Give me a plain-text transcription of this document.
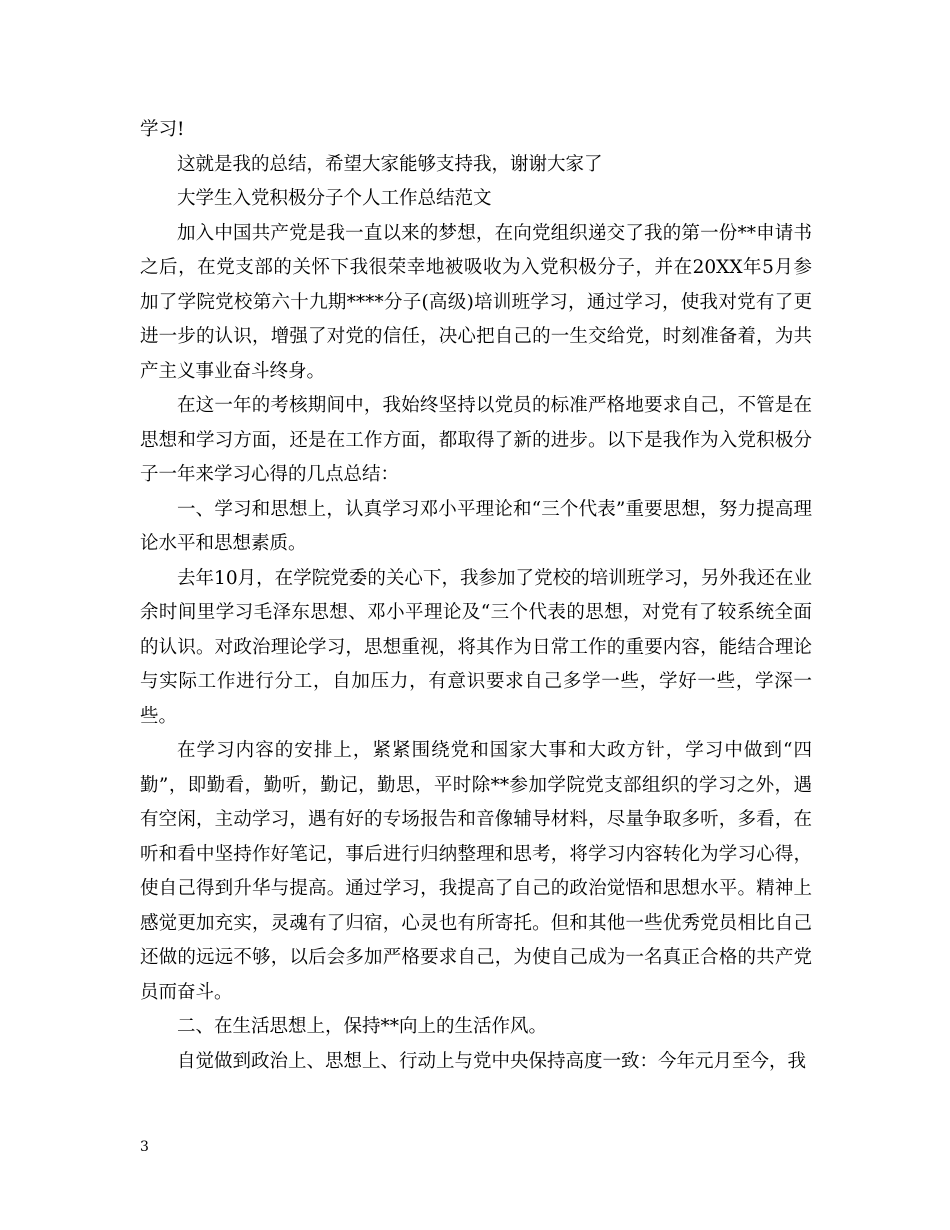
学习!

这就是我的总结，希望大家能够支持我，谢谢大家了

大学生入党积极分子个人工作总结范文

加入中国共产党是我一直以来的梦想，在向党组织递交了我的第一份**申请书之后，在党支部的关怀下我很荣幸地被吸收为入党积极分子，并在20XX年5月参加了学院党校第六十九期****分子(高级)培训班学习，通过学习，使我对党有了更进一步的认识，增强了对党的信任，决心把自己的一生交给党，时刻准备着，为共产主义事业奋斗终身。

在这一年的考核期间中，我始终坚持以党员的标准严格地要求自己，不管是在思想和学习方面，还是在工作方面，都取得了新的进步。以下是我作为入党积极分子一年来学习心得的几点总结：

一、学习和思想上，认真学习邓小平理论和“三个代表”重要思想，努力提高理论水平和思想素质。

去年10月，在学院党委的关心下，我参加了党校的培训班学习，另外我还在业余时间里学习毛泽东思想、邓小平理论及“三个代表的思想，对党有了较系统全面的认识。对政治理论学习，思想重视，将其作为日常工作的重要内容，能结合理论与实际工作进行分工，自加压力，有意识要求自己多学一些，学好一些，学深一些。

在学习内容的安排上，紧紧围绕党和国家大事和大政方针，学习中做到“四勤”，即勤看，勤听，勤记，勤思，平时除**参加学院党支部组织的学习之外，遇有空闲，主动学习，遇有好的专场报告和音像辅导材料，尽量争取多听，多看，在听和看中坚持作好笔记，事后进行归纳整理和思考，将学习内容转化为学习心得，使自己得到升华与提高。通过学习，我提高了自己的政治觉悟和思想水平。精神上感觉更加充实，灵魂有了归宿，心灵也有所寄托。但和其他一些优秀党员相比自己还做的远远不够，以后会多加严格要求自己，为使自己成为一名真正合格的共产党员而奋斗。

二、在生活思想上，保持**向上的生活作风。

自觉做到政治上、思想上、行动上与党中央保持高度一致：今年元月至今，我

3
